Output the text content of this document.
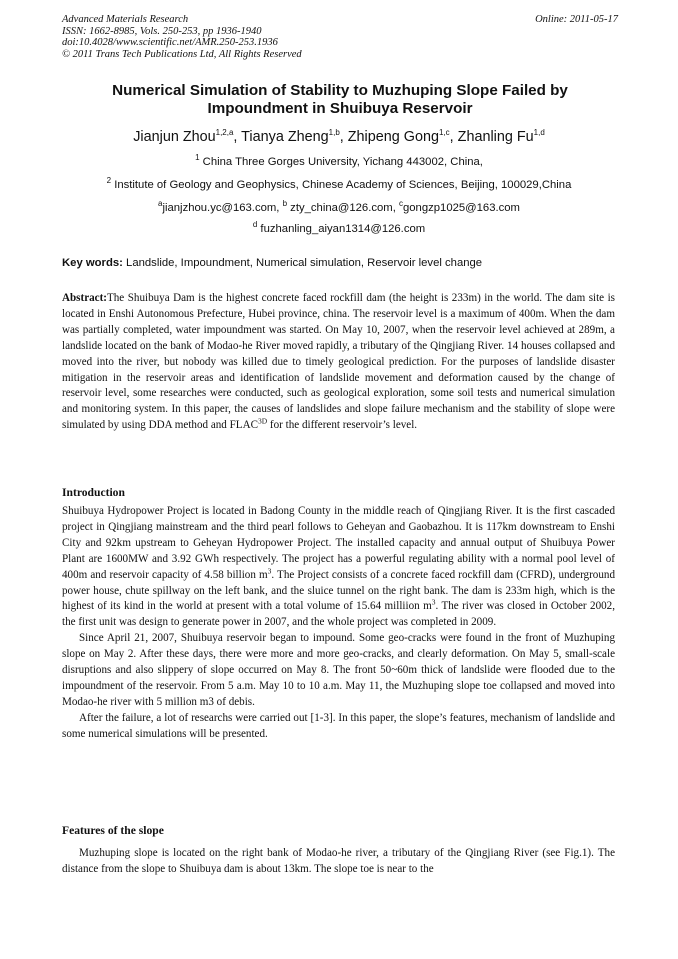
Advanced Materials Research
ISSN: 1662-8985, Vols. 250-253, pp 1936-1940
doi:10.4028/www.scientific.net/AMR.250-253.1936
© 2011 Trans Tech Publications Ltd, All Rights Reserved
Online: 2011-05-17
Numerical Simulation of Stability to Muzhuping Slope Failed by
Impoundment in Shuibuya Reservoir
Jianjun Zhou$^{1,2,a}$, Tianya Zheng$^{1,b}$, Zhipeng Gong$^{1,c}$, Zhanling Fu$^{1,d}$
$^1$ China Three Gorges University, Yichang 443002, China,
$^2$ Institute of Geology and Geophysics, Chinese Academy of Sciences, Beijing, 100029,China
$^a$jianjzhou.yc@163.com, $^b$ zty_china@126.com, $^c$gongzp1025@163.com
$^d$ fuzhanling_aiyan1314@126.com
Key words: Landslide, Impoundment, Numerical simulation, Reservoir level change

Abstract:The Shuibuya Dam is the highest concrete faced rockfill dam (the height is 233m) in the world. The dam site is located in Enshi Autonomous Prefecture, Hubei province, china. The reservoir level is a maximum of 400m. When the dam was partially completed, water impoundment was started. On May 10, 2007, when the reservoir level achieved at 289m, a landslide located on the bank of Modao-he River moved rapidly, a tributary of the Qingjiang River. 14 houses collapsed and moved into the river, but nobody was killed due to timely geological prediction. For the purposes of landslide disaster mitigation in the reservoir areas and identification of landslide movement and deformation caused by the change of reservoir level, some researches were conducted, such as geological exploration, some soil tests and numerical simulation and monitoring system. In this paper, the causes of landslides and slope failure mechanism and the stability of slope were simulated by using DDA method and $FLAC^{3D}$ for the different reservoir’s level.

Introduction

Shuibuya Hydropower Project is located in Badong County in the middle reach of Qingjiang River. It is the first cascaded project in Qingjiang mainstream and the third pearl follows to Geheyan and Gaobazhou. It is 117km downstream to Enshi City and 92km upstream to Geheyan Hydropower Project. The installed capacity and annual output of Shuibuya Power Plant are 1600MW and 3.92 GWh respectively. The project has a powerful regulating ability with a normal pool level of 400m and reservoir capacity of 4.58 billion $m^3$. The Project consists of a concrete faced rockfill dam (CFRD), underground power house, chute spillway on the left bank, and the sluice tunnel on the right bank. The dam is 233m high, which is the highest of its kind in the world at present with a total volume of 15.64 milliion $m^3$. The river was closed in October 2002, the first unit was design to generate power in 2007, and the whole project was completed in 2009.

Since April 21, 2007, Shuibuya reservoir began to impound. Some geo-cracks were found in the front of Muzhuping slope on May 2. After these days, there were more and more geo-cracks, and clearly deformation. On May 5, small-scale disruptions and also slippery of slope occurred on May 8. The front 50~60m thick of landslide were flooded due to the impoundment of the reservoir. From 5 a.m. May 10 to 10 a.m. May 11, the Muzhuping slope toe collapsed and moved into Modao-he river with 5 million m3 of debis.

After the failure, a lot of researchs were carried out [1-3]. In this paper, the slope’s features, mechanism of landslide and some numerical simulations will be presented.

Features of the slope

Muzhuping slope is located on the right bank of Modao-he river, a tributary of the Qingjiang River (see Fig.1). The distance from the slope to Shuibuya dam is about 13km. The slope toe is near to the
